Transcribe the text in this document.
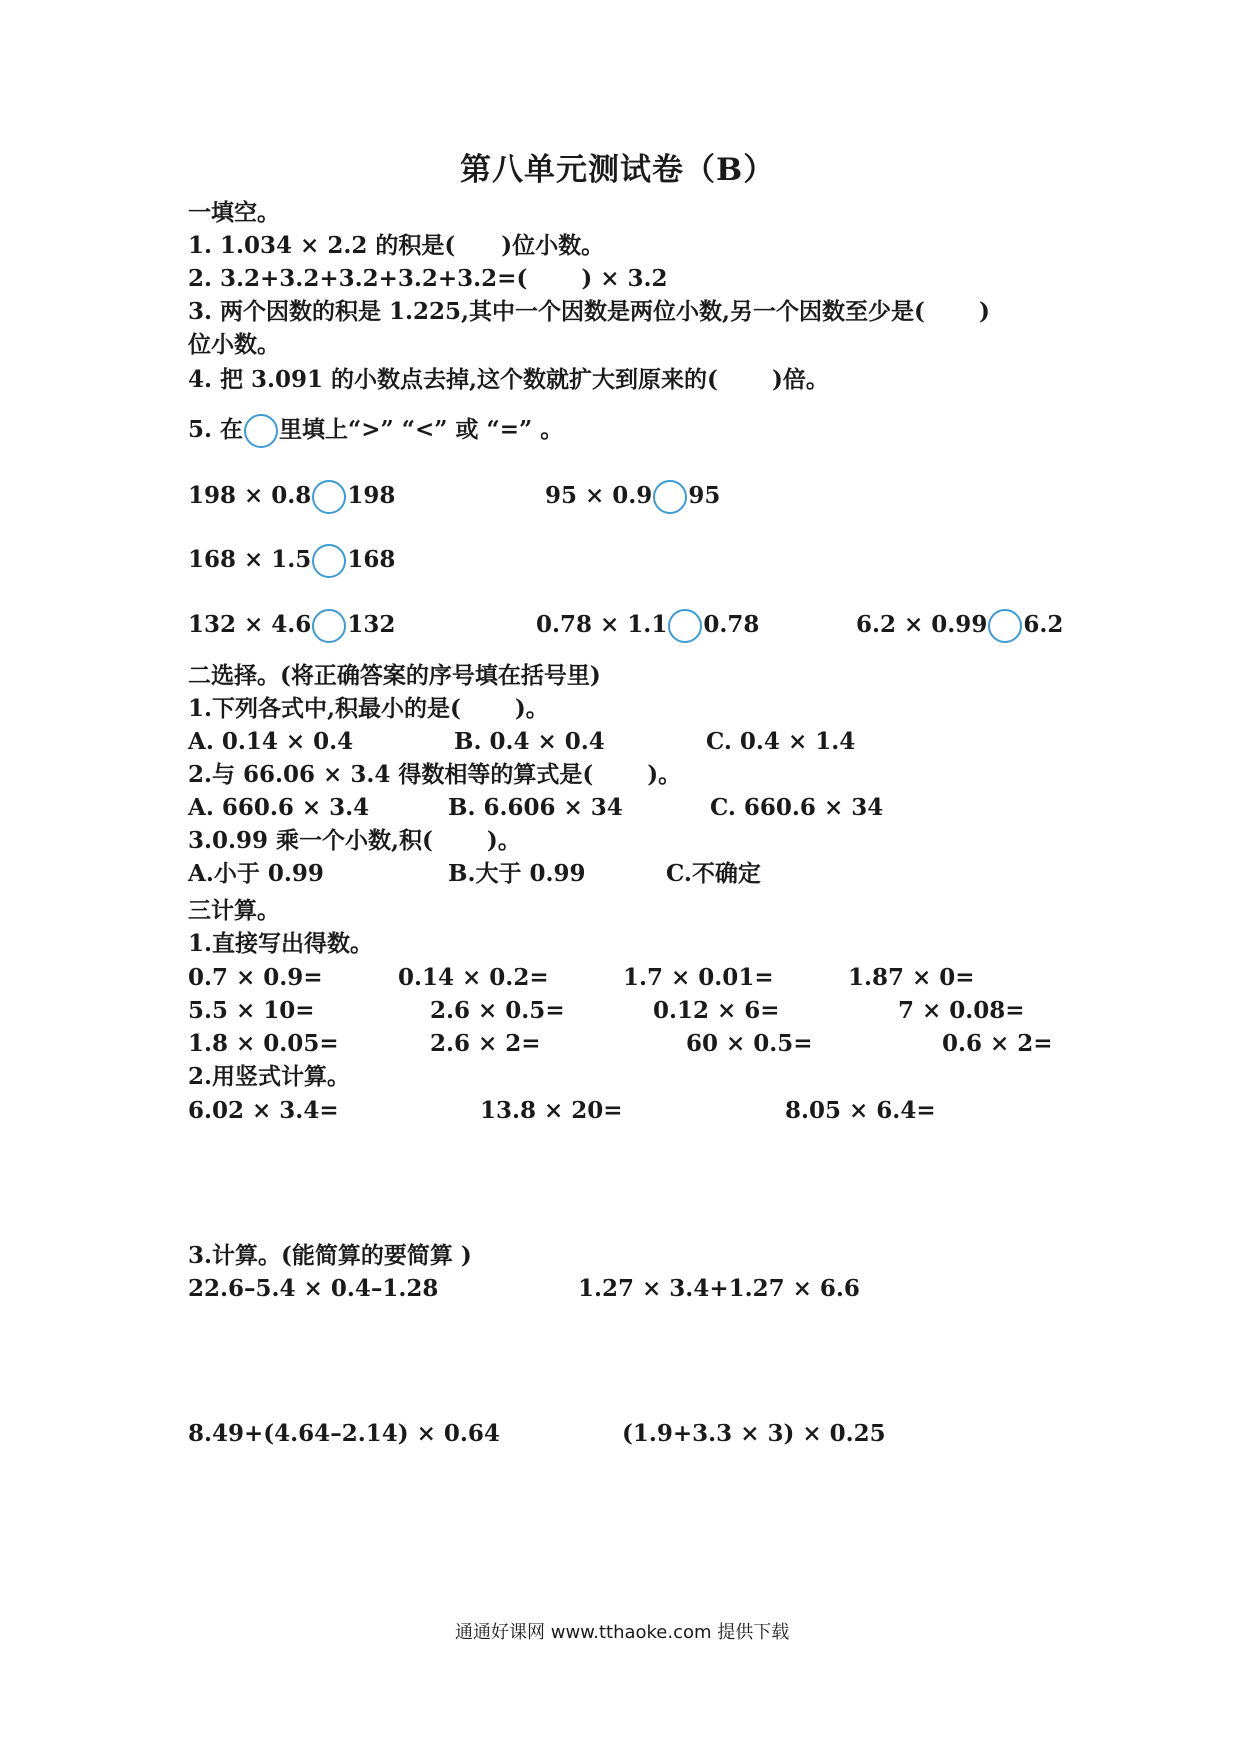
第八单元测试卷（B）
一填空。
1. 1.034 × 2.2 的积是(　　)位小数。
2. 3.2+3.2+3.2+3.2+3.2=(　　 ) × 3.2
3. 两个因数的积是 1.225,其中一个因数是两位小数,另一个因数至少是(　　 )
位小数。
4. 把 3.091 的小数点去掉,这个数就扩大到原来的(　　 )倍。
5. 在 里填上“>” “<” 或 “=” 。
198 × 0.8 198	95 × 0.9 95
168 × 1.5 168
132 × 4.6 132	0.78 × 1.1 0.78	6.2 × 0.99 6.2
二选择。(将正确答案的序号填在括号里)
1.下列各式中,积最小的是(　　 )。
A. 0.14 × 0.4	B. 0.4 × 0.4	C. 0.4 × 1.4
2.与 66.06 × 3.4 得数相等的算式是(　　 )。
A. 660.6 × 3.4	B. 6.606 × 34	C. 660.6 × 34
3.0.99 乘一个小数,积(　　 )。
A.小于 0.99	B.大于 0.99	C.不确定
三计算。
1.直接写出得数。
0.7 × 0.9=	0.14 × 0.2=	1.7 × 0.01=	1.87 × 0=
5.5 × 10=	2.6 × 0.5=	0.12 × 6=	7 × 0.08=
1.8 × 0.05=	2.6 × 2=	60 × 0.5=	0.6 × 2=
2.用竖式计算。
6.02 × 3.4=	13.8 × 20=	8.05 × 6.4=
3.计算。(能简算的要简算 )
22.6–5.4 × 0.4–1.28	1.27 × 3.4+1.27 × 6.6
8.49+(4.64–2.14) × 0.64	(1.9+3.3 × 3) × 0.25
通通好课网 www.tthaoke.com 提供下载
